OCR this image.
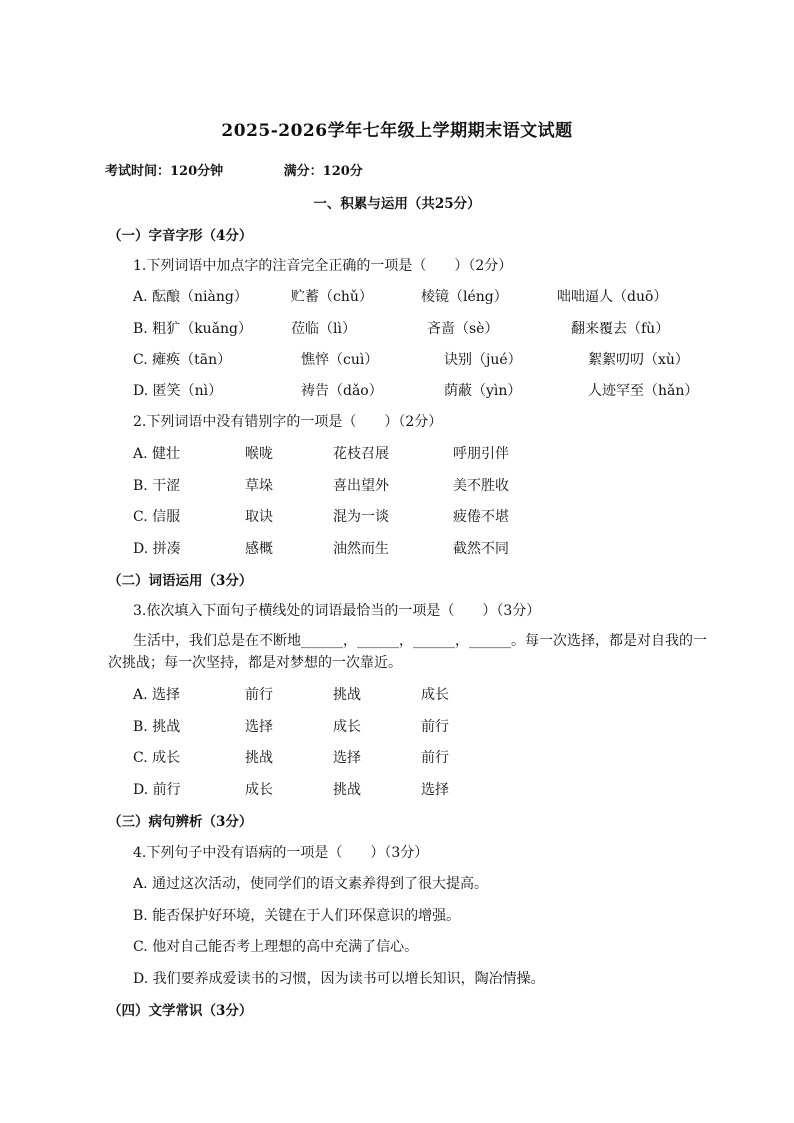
2025-2026学年七年级上学期期末语文试题
考试时间：120分钟	满分：120分
一、积累与运用（共25分）
（一）字音字形（4分）
1.下列词语中加点字的注音完全正确的一项是（　　）（2分）
A. 酝酿（niàng）	贮蓄（chǔ）	棱镜（léng）	咄咄逼人（duō）
B. 粗犷（kuǎng）	莅临（lì）	吝啬（sè）	翻来覆去（fù）
C. 瘫痪（tān）	憔悴（cuì）	诀别（jué）	絮絮叨叨（xù）
D. 匿笑（nì）	祷告（dǎo）	荫蔽（yìn）	人迹罕至（hǎn）
2.下列词语中没有错别字的一项是（　　）（2分）
A. 健壮	喉咙	花枝召展	呼朋引伴
B. 干涩	草垛	喜出望外	美不胜收
C. 信服	取诀	混为一谈	疲倦不堪
D. 拼凑	感概	油然而生	截然不同
（二）词语运用（3分）
3.依次填入下面句子横线处的词语最恰当的一项是（　　）（3分）
生活中，我们总是在不断地______，______，______，______。每一次选择，都是对自我的一次挑战；每一次坚持，都是对梦想的一次靠近。
A. 选择	前行	挑战	成长
B. 挑战	选择	成长	前行
C. 成长	挑战	选择	前行
D. 前行	成长	挑战	选择
（三）病句辨析（3分）
4.下列句子中没有语病的一项是（　　）（3分）
A. 通过这次活动，使同学们的语文素养得到了很大提高。
B. 能否保护好环境，关键在于人们环保意识的增强。
C. 他对自己能否考上理想的高中充满了信心。
D. 我们要养成爱读书的习惯，因为读书可以增长知识，陶冶情操。
（四）文学常识（3分）
